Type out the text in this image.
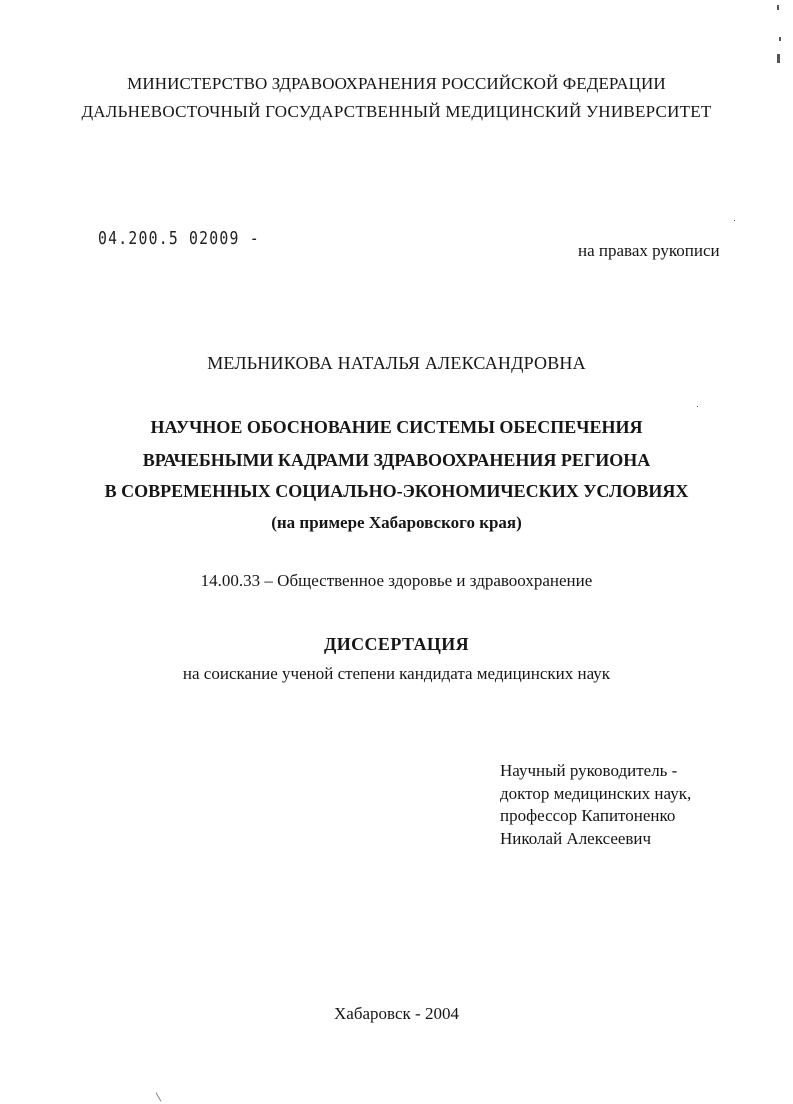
МИНИСТЕРСТВО ЗДРАВООХРАНЕНИЯ РОССИЙСКОЙ ФЕДЕРАЦИИ
ДАЛЬНЕВОСТОЧНЫЙ ГОСУДАРСТВЕННЫЙ МЕДИЦИНСКИЙ УНИВЕРСИТЕТ
04.200.5 02009 -
на правах рукописи
МЕЛЬНИКОВА НАТАЛЬЯ АЛЕКСАНДРОВНА
НАУЧНОЕ ОБОСНОВАНИЕ СИСТЕМЫ ОБЕСПЕЧЕНИЯ
ВРАЧЕБНЫМИ КАДРАМИ ЗДРАВООХРАНЕНИЯ РЕГИОНА
В СОВРЕМЕННЫХ СОЦИАЛЬНО-ЭКОНОМИЧЕСКИХ УСЛОВИЯХ
(на примере Хабаровского края)
14.00.33 – Общественное здоровье и здравоохранение
ДИССЕРТАЦИЯ
на соискание ученой степени кандидата медицинских наук
Научный руководитель -
доктор медицинских наук,
профессор Капитоненко
Николай Алексеевич
Хабаровск - 2004
